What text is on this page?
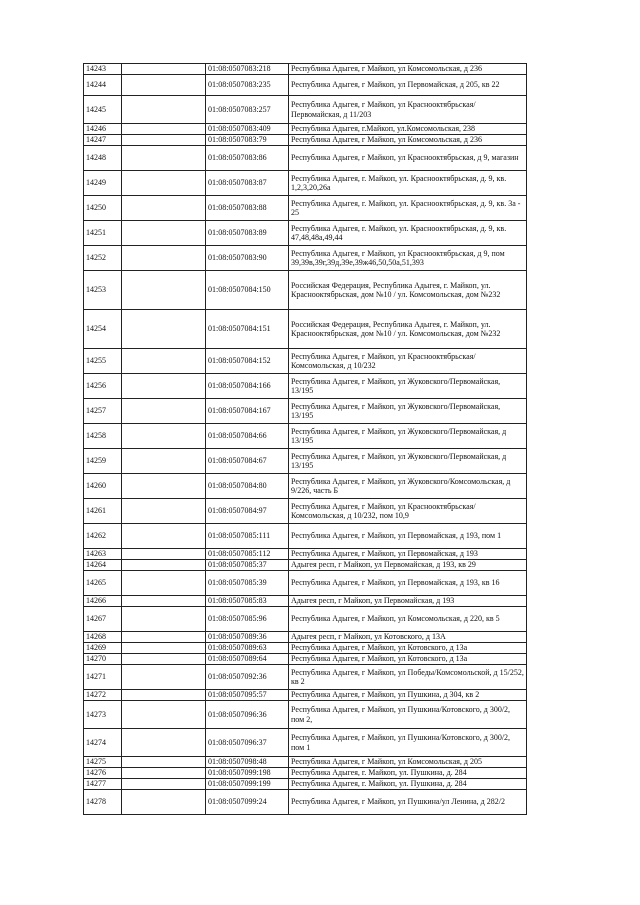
14243		01:08:0507083:218	Республика Адыгея, г Майкоп, ул Комсомольская, д 236
14244		01:08:0507083:235	Республика Адыгея, г Майкоп, ул Первомайская, д 205, кв 22
14245		01:08:0507083:257	Республика Адыгея, г Майкоп, ул Красноoктябрьская/Первомайская, д 11/203
14246		01:08:0507083:409	Республика Адыгея, г.Майкоп, ул.Комсомольская, 238
14247		01:08:0507083:79	Республика Адыгея, г Майкоп, ул Комсомольская, д 236
14248		01:08:0507083:86	Республика Адыгея, г Майкоп, ул Красноoктябрьская, д 9, магазин
14249		01:08:0507083:87	Республика Адыгея, г. Майкоп, ул. Красноoктябрьская, д. 9, кв. 1,2,3,20,26а
14250		01:08:0507083:88	Республика Адыгея, г. Майкоп, ул. Красноoктябрьская, д. 9, кв. 3а - 25
14251		01:08:0507083:89	Республика Адыгея, г. Майкоп, ул. Красноoктябрьская, д. 9, кв. 47,48,48а,49,44
14252		01:08:0507083:90	Республика Адыгея, г Майкоп, ул Красноoктябрьская, д 9, пом 39,39в,39г,39д,39е,39ж46,50,50а,51,393
14253		01:08:0507084:150	Российская Федерация, Республика Адыгея, г. Майкоп, ул. Краснооктябрьская, дом №10 / ул. Комсомольская, дом №232
14254		01:08:0507084:151	Российская Федерация, Республика Адыгея, г. Майкоп, ул. Краснооктябрьская, дом №10 / ул. Комсомольская, дом №232
14255		01:08:0507084:152	Республика Адыгея, г Майкоп, ул Красноoктябрьская/Комсомольская, д 10/232
14256		01:08:0507084:166	Республика Адыгея, г Майкоп, ул Жуковского/Первомайская, 13/195
14257		01:08:0507084:167	Республика Адыгея, г Майкоп, ул Жуковского/Первомайская, 13/195
14258		01:08:0507084:66	Республика Адыгея, г Майкоп, ул Жуковского/Первомайская, д 13/195
14259		01:08:0507084:67	Республика Адыгея, г Майкоп, ул Жуковского/Первомайская, д 13/195
14260		01:08:0507084:80	Республика Адыгея, г Майкоп, ул Жуковского/Комсомольская, д 9/226, часть Б
14261		01:08:0507084:97	Республика Адыгея, г Майкоп, ул Красноoктябрьская/Комсомольская, д 10/232, пом 10,9
14262		01:08:0507085:111	Республика Адыгея, г Майкоп, ул Первомайская, д 193, пом 1
14263		01:08:0507085:112	Республика Адыгея, г Майкоп, ул Первомайская, д 193
14264		01:08:0507085:37	Адыгея респ, г Майкоп, ул Первомайская, д 193, кв 29
14265		01:08:0507085:39	Республика Адыгея, г Майкоп, ул Первомайская, д 193, кв 16
14266		01:08:0507085:83	Адыгея респ, г Майкоп, ул Первомайская, д 193
14267		01:08:0507085:96	Республика Адыгея, г Майкоп, ул Комсомольская, д 220, кв 5
14268		01:08:0507089:36	Адыгея респ, г Майкоп, ул Котовского, д 13А
14269		01:08:0507089:63	Республика Адыгея, г Майкоп, ул Котовского, д 13а
14270		01:08:0507089:64	Республика Адыгея, г Майкоп, ул Котовского, д 13а
14271		01:08:0507092:36	Республика Адыгея, г Майкоп, ул Победы/Комсомольской, д 15/252, кв 2
14272		01:08:0507095:57	Республика Адыгея, г Майкоп, ул Пушкина, д 304, кв 2
14273		01:08:0507096:36	Республика Адыгея, г Майкоп, ул Пушкина/Котовского, д 300/2, пом 2,
14274		01:08:0507096:37	Республика Адыгея, г Майкоп, ул Пушкина/Котовского, д 300/2, пом 1
14275		01:08:0507098:48	Республика Адыгея, г Майкоп, ул Комсомольская, д 205
14276		01:08:0507099:198	Республика Адыгея, г. Майкоп, ул. Пушкина, д. 284
14277		01:08:0507099:199	Республика Адыгея, г. Майкоп, ул. Пушкина, д. 284
14278		01:08:0507099:24	Республика Адыгея, г Майкоп, ул Пушкина/ул Ленина, д 282/2
